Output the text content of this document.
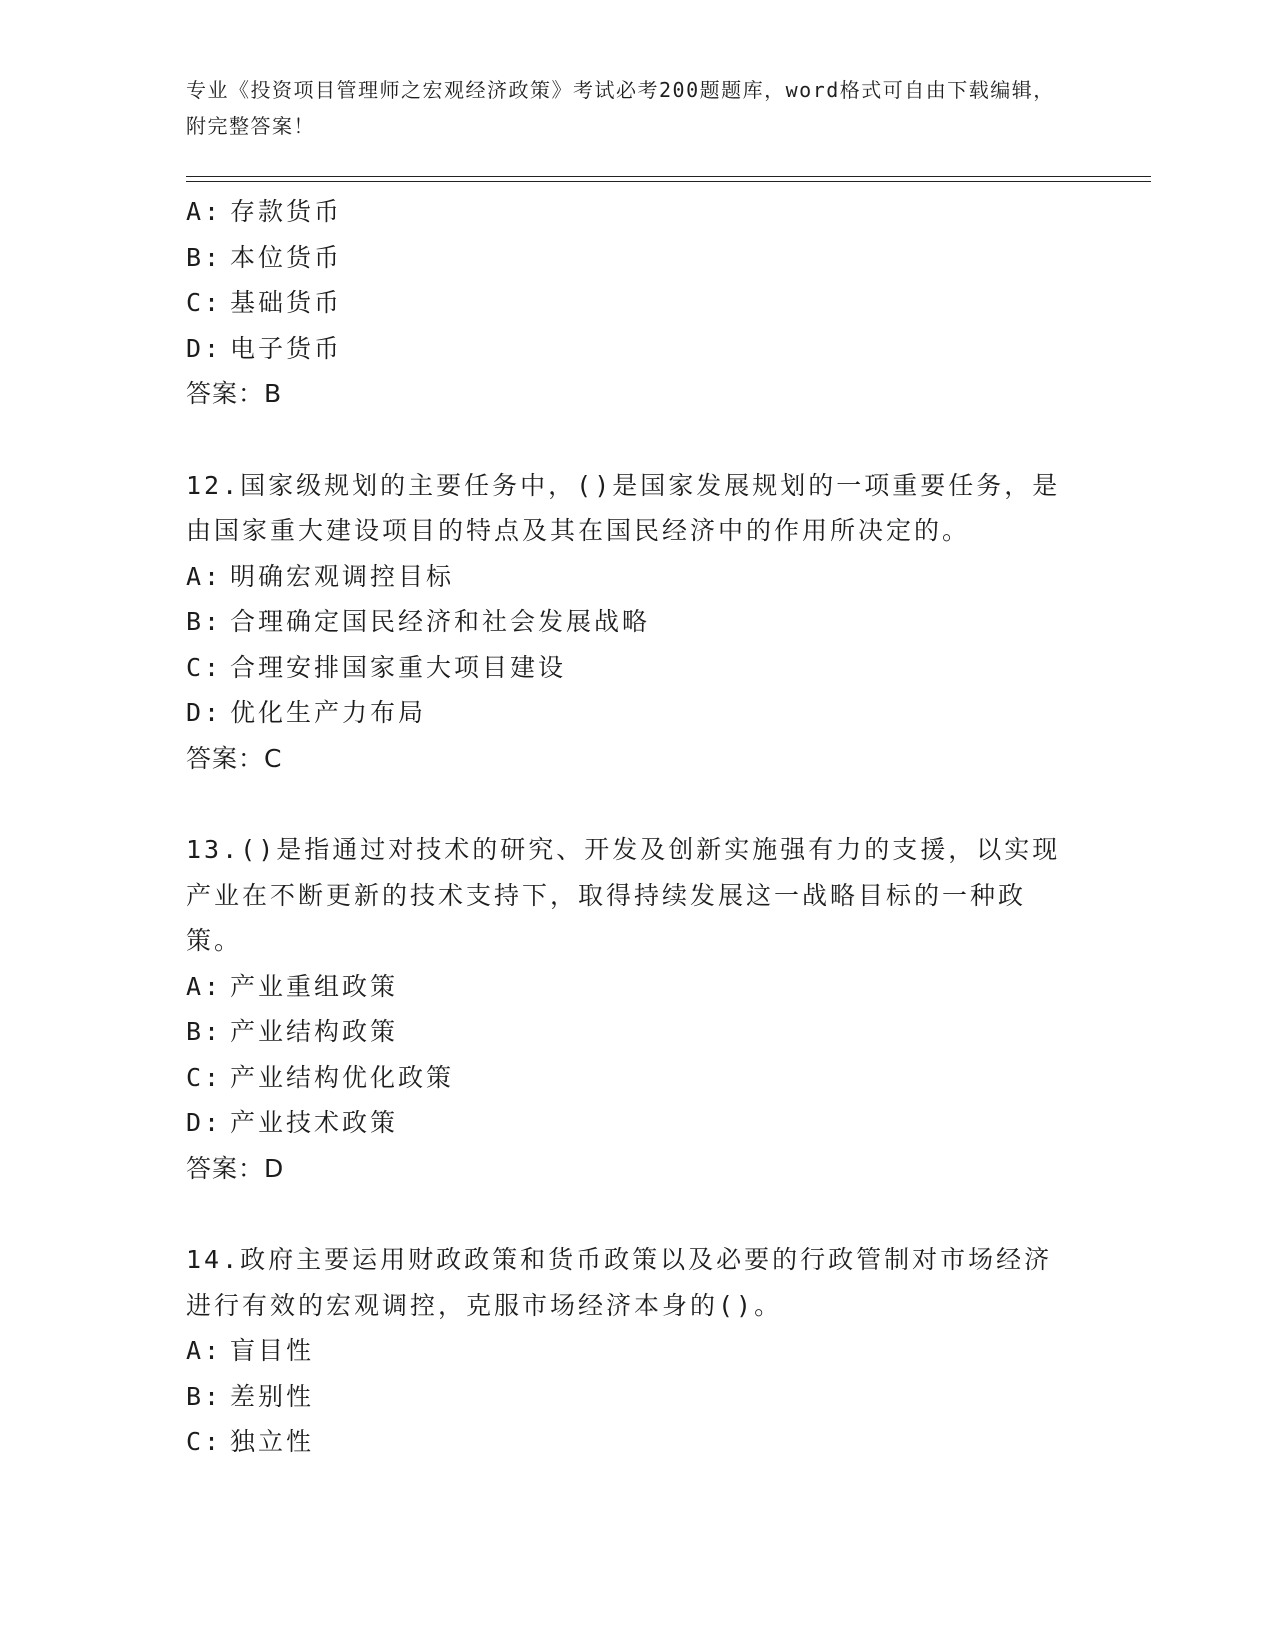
专业《投资项目管理师之宏观经济政策》考试必考200题题库，word格式可自由下载编辑，附完整答案！
A: 存款货币
B: 本位货币
C: 基础货币
D: 电子货币
答案：B
12.国家级规划的主要任务中，()是国家发展规划的一项重要任务，是
由国家重大建设项目的特点及其在国民经济中的作用所决定的。
A: 明确宏观调控目标
B: 合理确定国民经济和社会发展战略
C: 合理安排国家重大项目建设
D: 优化生产力布局
答案：C
13.()是指通过对技术的研究、开发及创新实施强有力的支援，以实现
产业在不断更新的技术支持下，取得持续发展这一战略目标的一种政
策。
A: 产业重组政策
B: 产业结构政策
C: 产业结构优化政策
D: 产业技术政策
答案：D
14.政府主要运用财政政策和货币政策以及必要的行政管制对市场经济
进行有效的宏观调控，克服市场经济本身的()。
A: 盲目性
B: 差别性
C: 独立性
